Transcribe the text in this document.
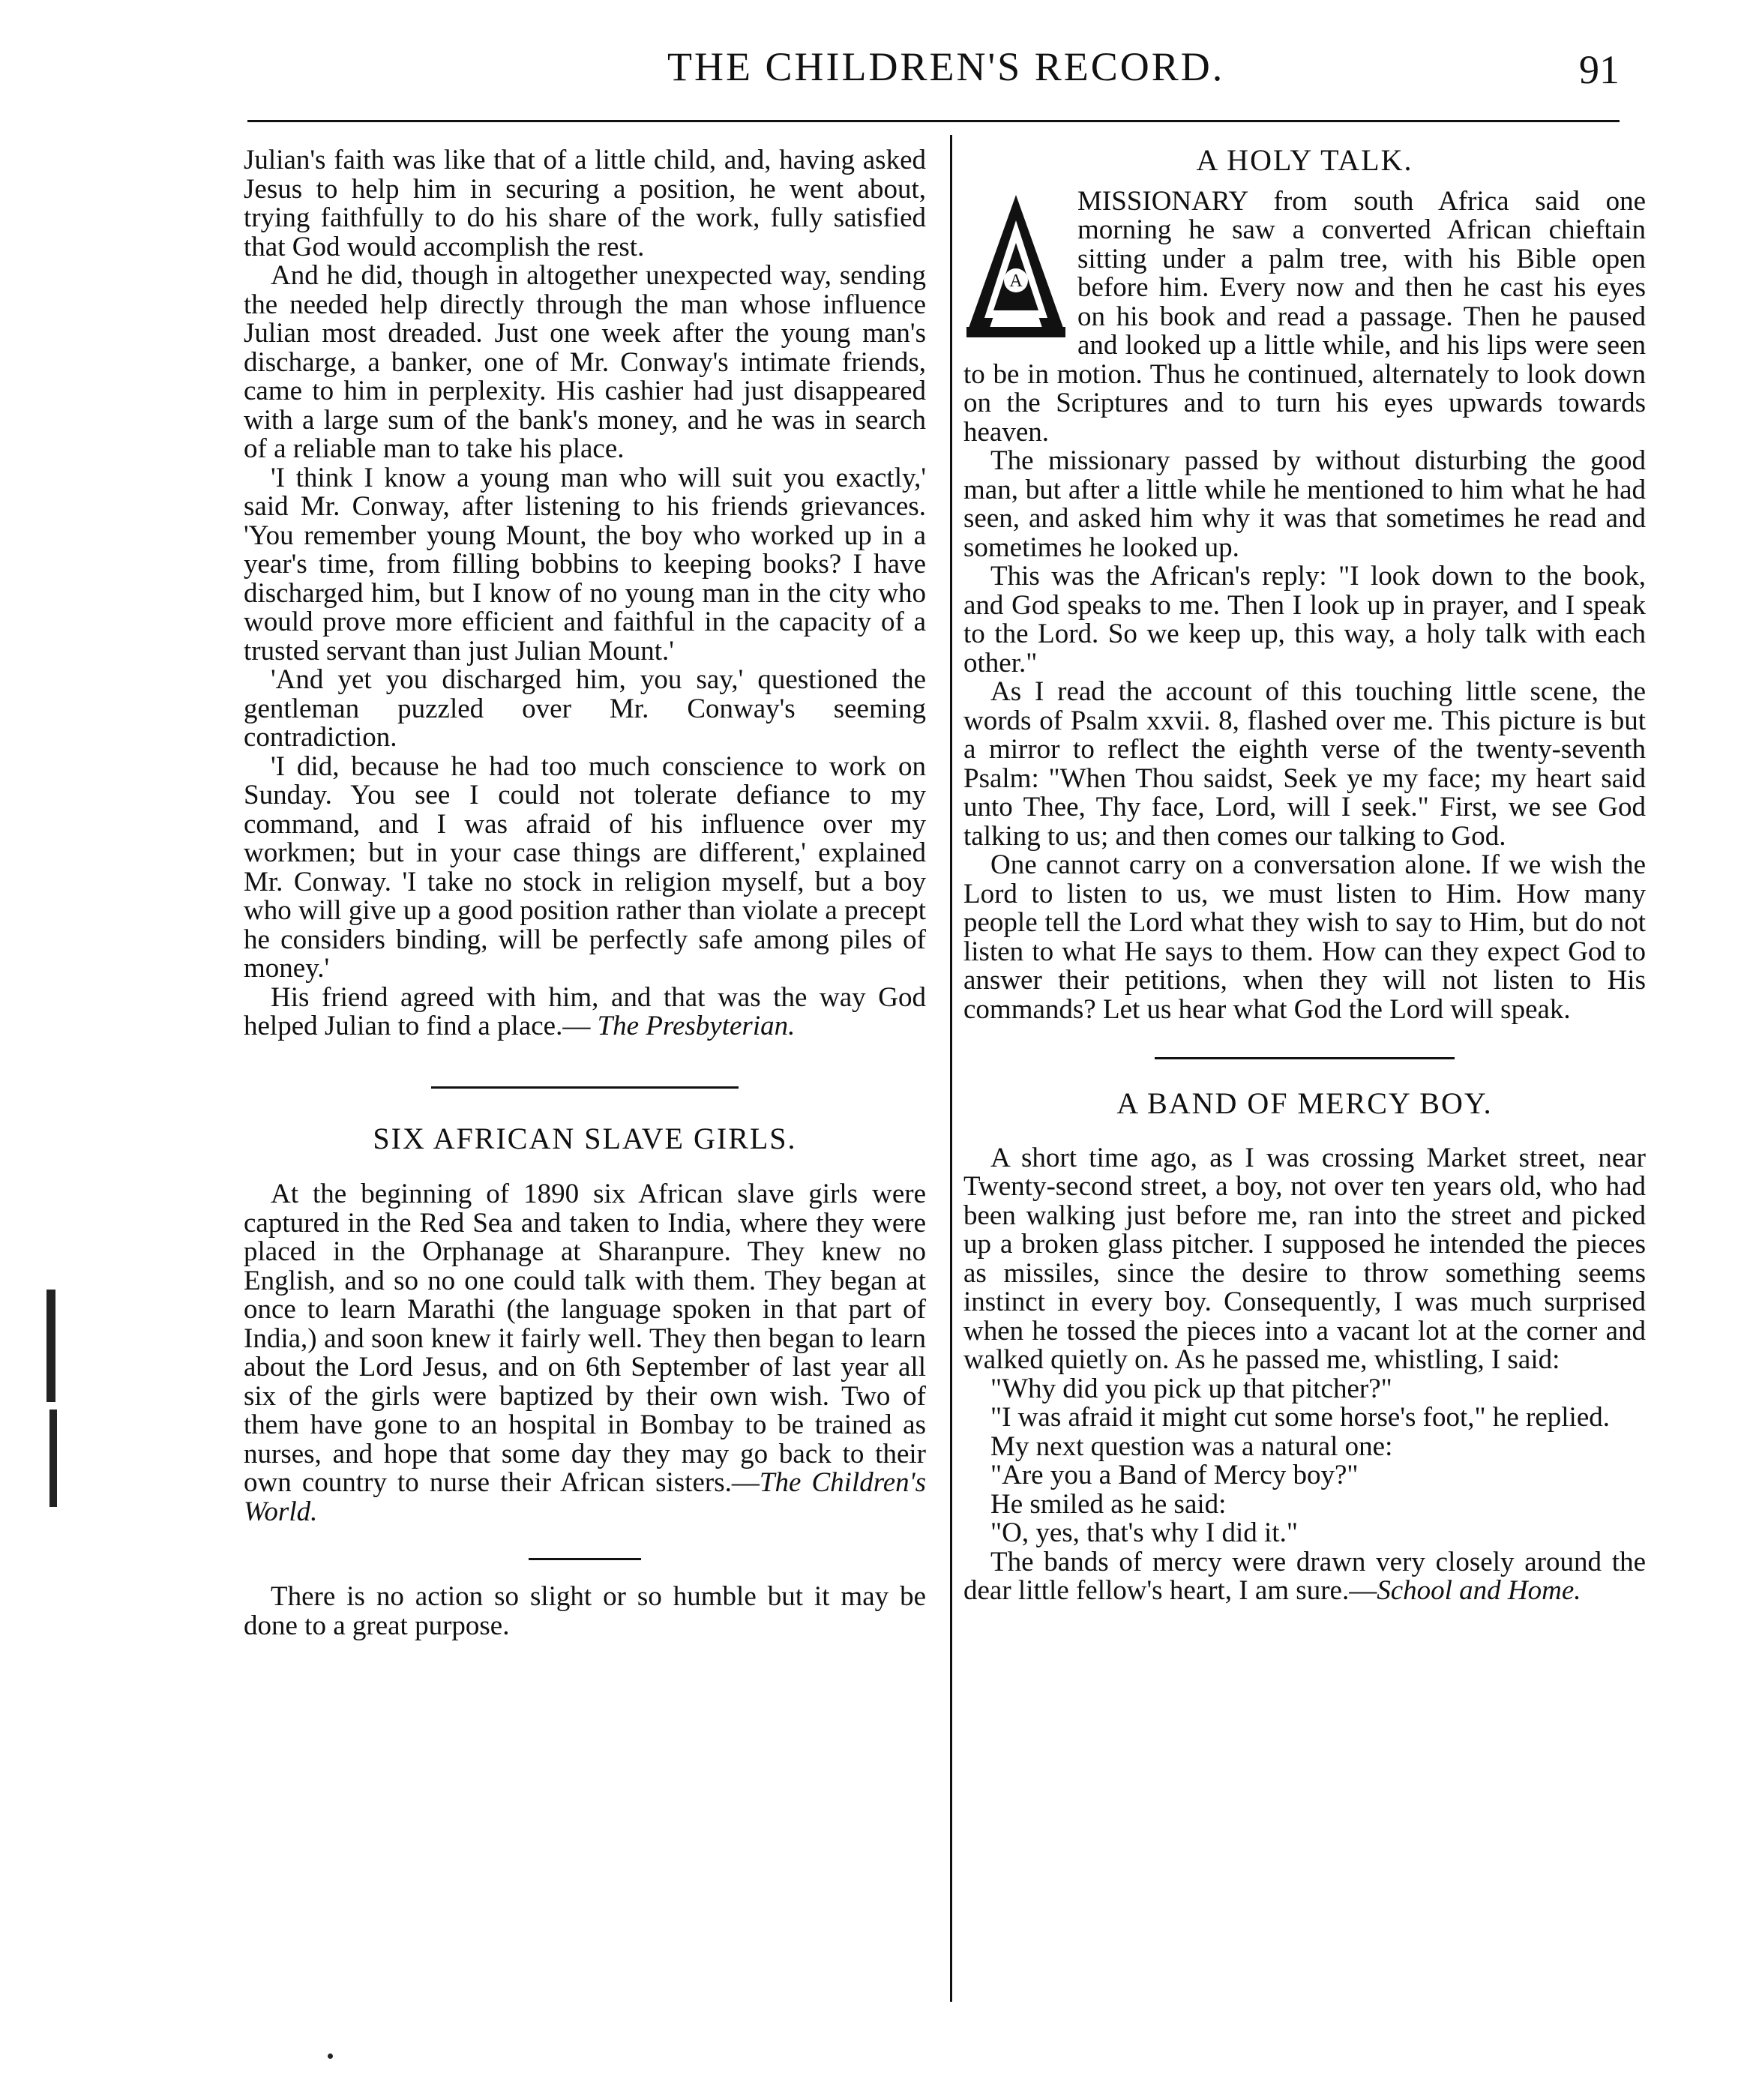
THE CHILDREN'S RECORD.	91

Julian's faith was like that of a little child, and, having asked Jesus to help him in securing a position, he went about, trying faithfully to do his share of the work, fully satisfied that God would accomplish the rest.

And he did, though in altogether unexpected way, sending the needed help directly through the man whose influence Julian most dreaded. Just one week after the young man's discharge, a banker, one of Mr. Conway's intimate friends, came to him in perplexity. His cashier had just disappeared with a large sum of the bank's money, and he was in search of a reliable man to take his place.

'I think I know a young man who will suit you exactly,' said Mr. Conway, after listening to his friends grievances. 'You remember young Mount, the boy who worked up in a year's time, from filling bobbins to keeping books? I have discharged him, but I know of no young man in the city who would prove more efficient and faithful in the capacity of a trusted servant than just Julian Mount.'

'And yet you discharged him, you say,' questioned the gentleman puzzled over Mr. Conway's seeming contradiction.

'I did, because he had too much conscience to work on Sunday. You see I could not tolerate defiance to my command, and I was afraid of his influence over my workmen; but in your case things are different,' explained Mr. Conway. 'I take no stock in religion myself, but a boy who will give up a good position rather than violate a precept he considers binding, will be perfectly safe among piles of money.'

His friend agreed with him, and that was the way God helped Julian to find a place.— The Presbyterian.

SIX AFRICAN SLAVE GIRLS.

At the beginning of 1890 six African slave girls were captured in the Red Sea and taken to India, where they were placed in the Orphanage at Sharanpure. They knew no English, and so no one could talk with them. They began at once to learn Marathi (the language spoken in that part of India,) and soon knew it fairly well. They then began to learn about the Lord Jesus, and on 6th September of last year all six of the girls were baptized by their own wish. Two of them have gone to an hospital in Bombay to be trained as nurses, and hope that some day they may go back to their own country to nurse their African sisters.—The Children's World.

There is no action so slight or so humble but it may be done to a great purpose.

A HOLY TALK.

A
MISSIONARY from south Africa said one morning he saw a converted African chieftain sitting under a palm tree, with his Bible open before him. Every now and then he cast his eyes on his book and read a passage. Then he paused and looked up a little while, and his lips were seen to be in motion. Thus he continued, alternately to look down on the Scriptures and to turn his eyes upwards towards heaven.

The missionary passed by without disturbing the good man, but after a little while he mentioned to him what he had seen, and asked him why it was that sometimes he read and sometimes he looked up.

This was the African's reply: "I look down to the book, and God speaks to me. Then I look up in prayer, and I speak to the Lord. So we keep up, this way, a holy talk with each other."

As I read the account of this touching little scene, the words of Psalm xxvii. 8, flashed over me. This picture is but a mirror to reflect the eighth verse of the twenty-seventh Psalm: "When Thou saidst, Seek ye my face; my heart said unto Thee, Thy face, Lord, will I seek." First, we see God talking to us; and then comes our talking to God.

One cannot carry on a conversation alone. If we wish the Lord to listen to us, we must listen to Him. How many people tell the Lord what they wish to say to Him, but do not listen to what He says to them. How can they expect God to answer their petitions, when they will not listen to His commands? Let us hear what God the Lord will speak.

A BAND OF MERCY BOY.

A short time ago, as I was crossing Market street, near Twenty-second street, a boy, not over ten years old, who had been walking just before me, ran into the street and picked up a broken glass pitcher. I supposed he intended the pieces as missiles, since the desire to throw something seems instinct in every boy. Consequently, I was much surprised when he tossed the pieces into a vacant lot at the corner and walked quietly on. As he passed me, whistling, I said:

"Why did you pick up that pitcher?"

"I was afraid it might cut some horse's foot," he replied.

My next question was a natural one:

"Are you a Band of Mercy boy?"

He smiled as he said:

"O, yes, that's why I did it."

The bands of mercy were drawn very closely around the dear little fellow's heart, I am sure.—School and Home.
